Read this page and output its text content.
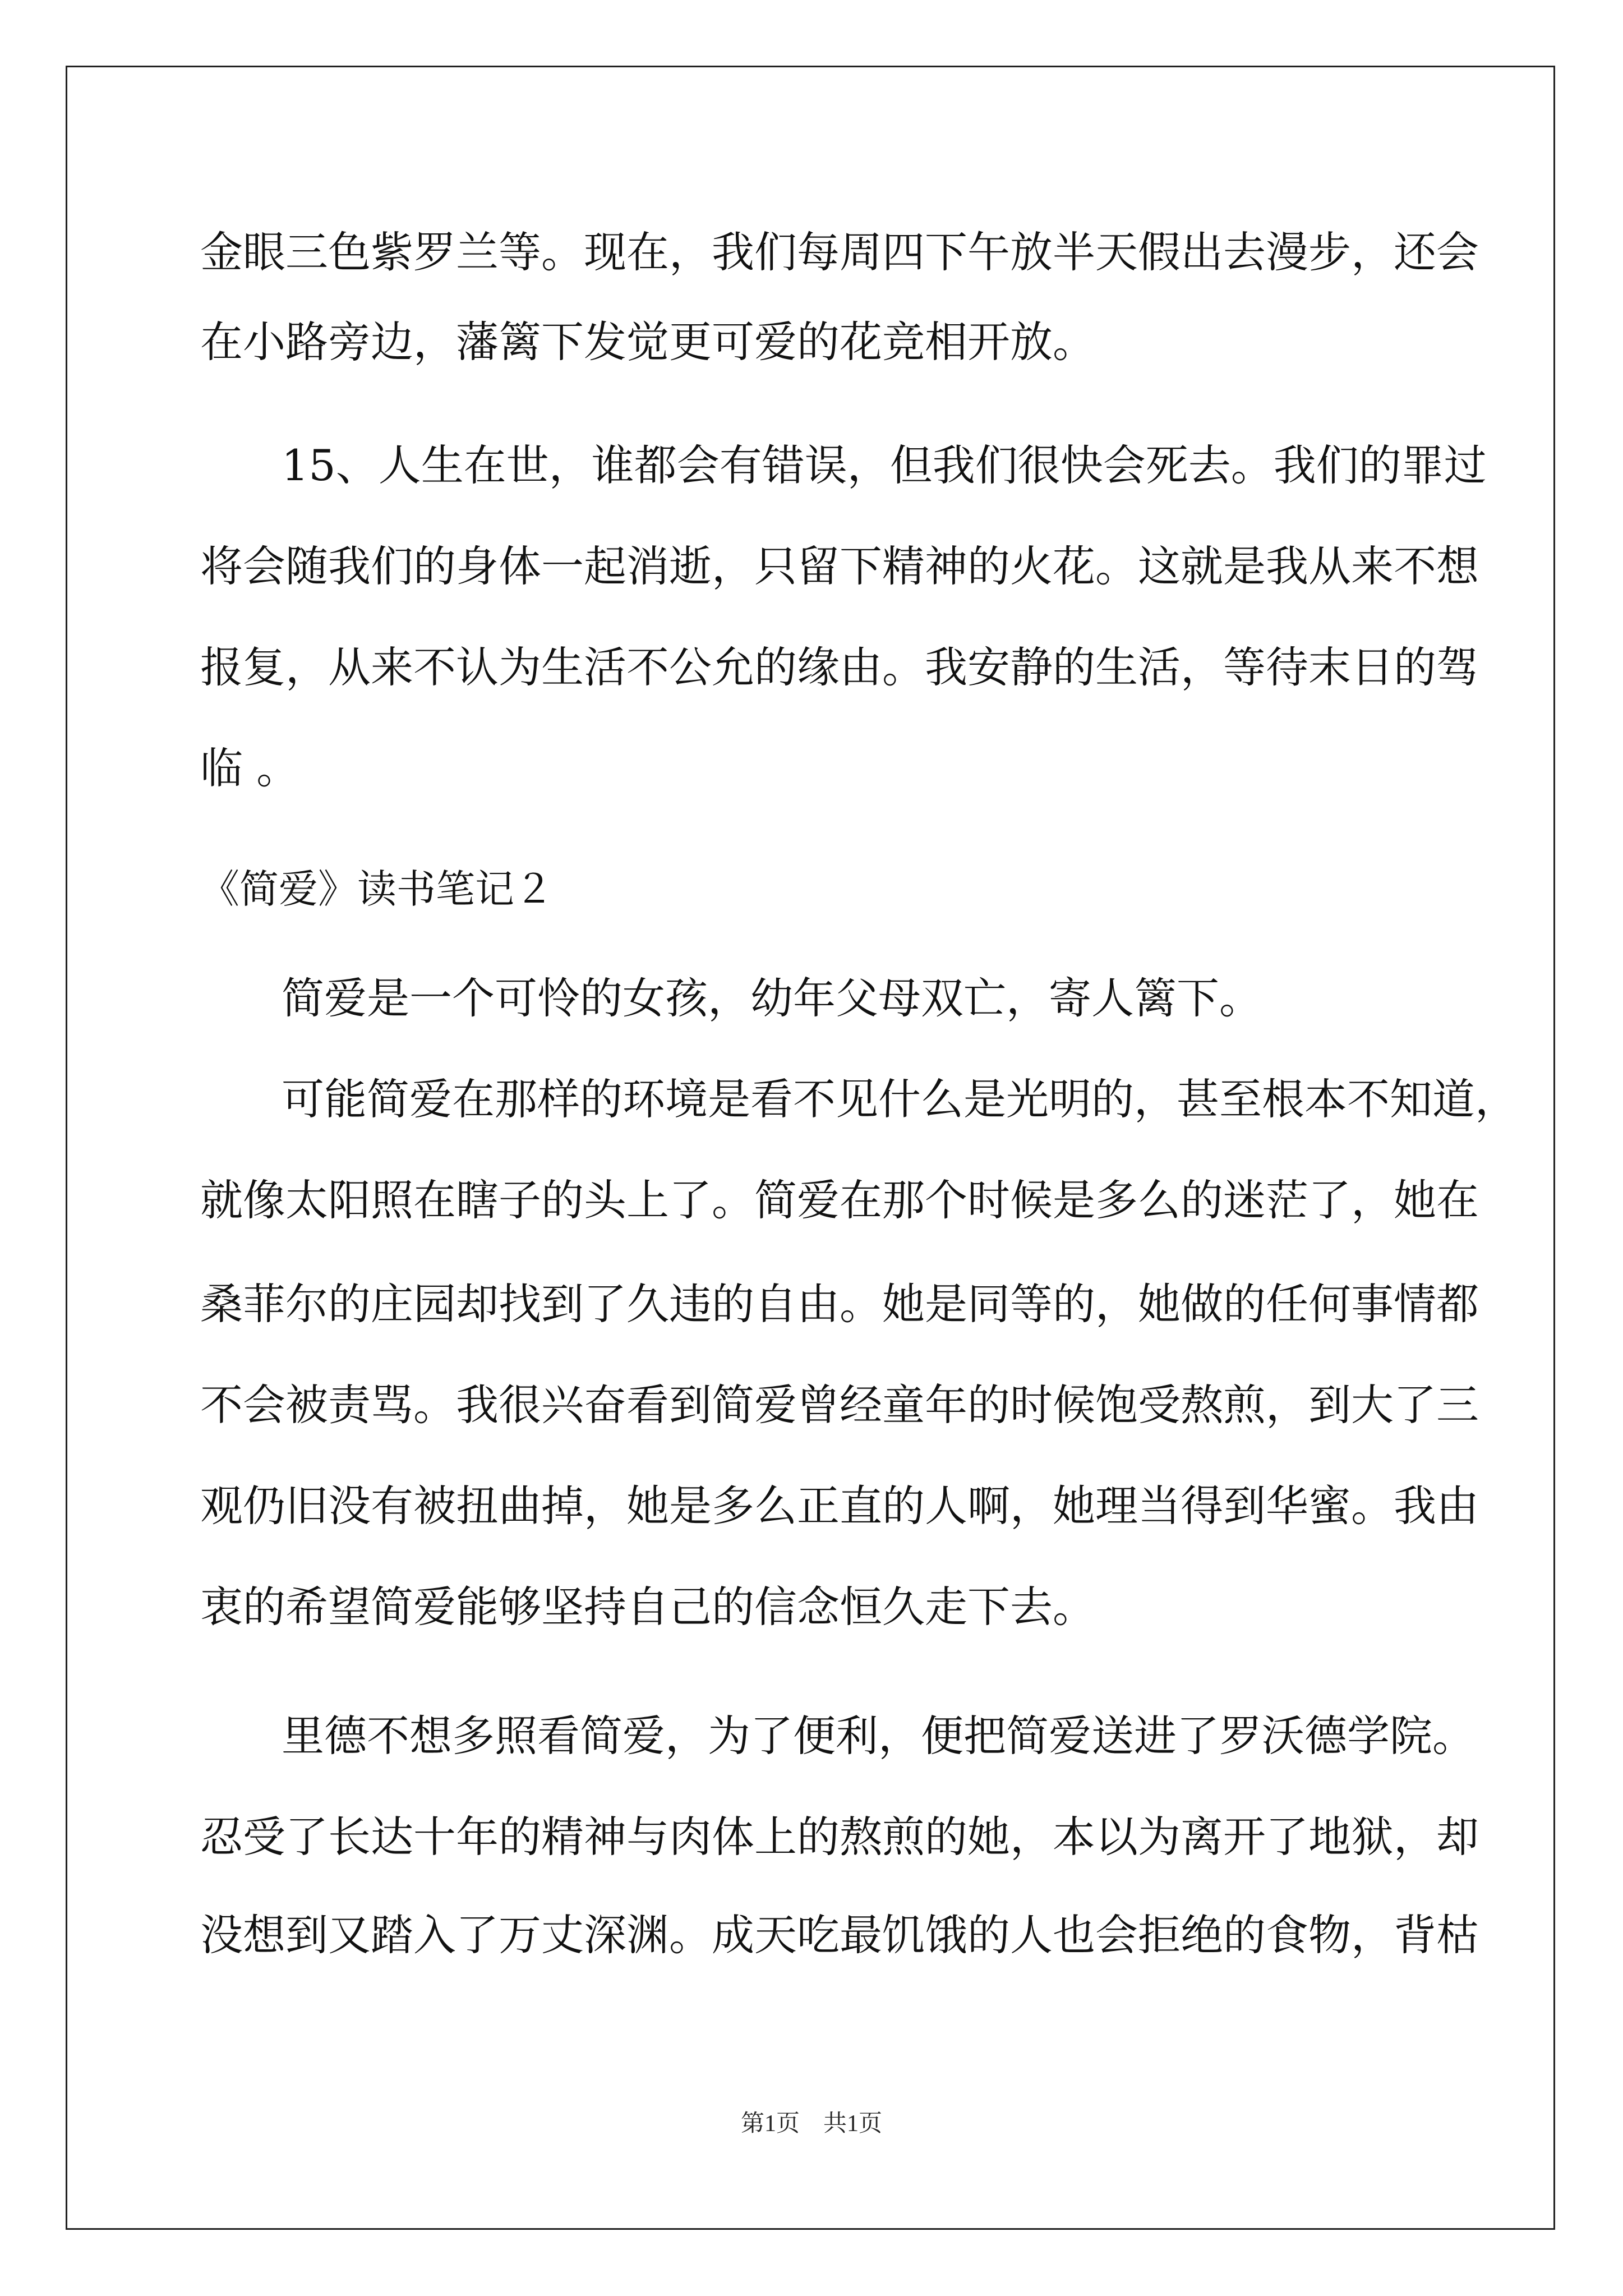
金眼三色紫罗兰等。现在，我们每周四下午放半天假出去漫步，还会
在小路旁边，藩篱下发觉更可爱的花竞相开放。
15、人生在世，谁都会有错误，但我们很快会死去。我们的罪过
将会随我们的身体一起消逝，只留下精神的火花。这就是我从来不想
报复，从来不认为生活不公允的缘由。我安静的生活，等待末日的驾
临 。
《简爱》读书笔记２
简爱是一个可怜的女孩，幼年父母双亡，寄人篱下。
可能简爱在那样的环境是看不见什么是光明的，甚至根本不知道，
就像太阳照在瞎子的头上了。简爱在那个时候是多么的迷茫了，她在
桑菲尔的庄园却找到了久违的自由。她是同等的，她做的任何事情都
不会被责骂。我很兴奋看到简爱曾经童年的时候饱受熬煎，到大了三
观仍旧没有被扭曲掉，她是多么正直的人啊，她理当得到华蜜。我由
衷的希望简爱能够坚持自己的信念恒久走下去。
里德不想多照看简爱，为了便利，便把简爱送进了罗沃德学院。
忍受了长达十年的精神与肉体上的熬煎的她，本以为离开了地狱，却
没想到又踏入了万丈深渊。成天吃最饥饿的人也会拒绝的食物，背枯
第1页　共1页
